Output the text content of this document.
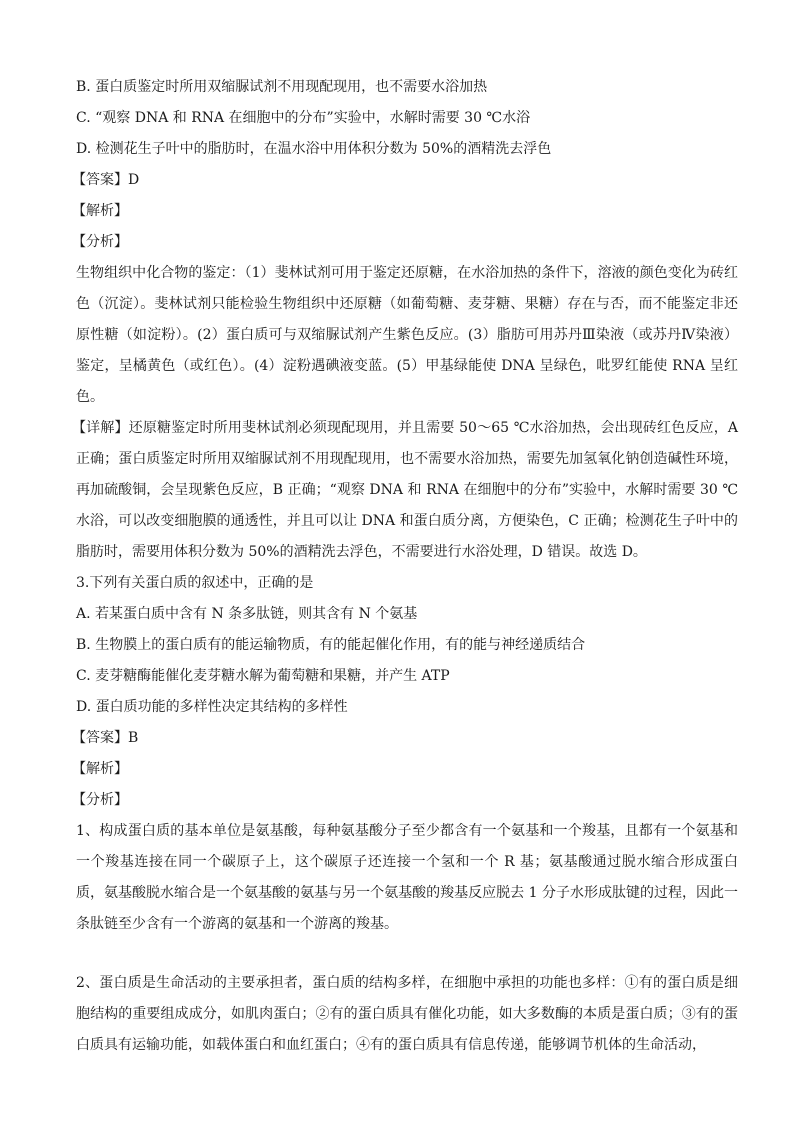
B. 蛋白质鉴定时所用双缩脲试剂不用现配现用，也不需要水浴加热

C. “观察 DNA 和 RNA 在细胞中的分布”实验中，水解时需要 30 ℃水浴

D. 检测花生子叶中的脂肪时，在温水浴中用体积分数为 50%的酒精洗去浮色

【答案】D
【解析】
【分析】

生物组织中化合物的鉴定：（1）斐林试剂可用于鉴定还原糖，在水浴加热的条件下，溶液的颜色变化为砖红色（沉淀）。斐林试剂只能检验生物组织中还原糖（如葡萄糖、麦芽糖、果糖）存在与否，而不能鉴定非还原性糖（如淀粉）。(2）蛋白质可与双缩脲试剂产生紫色反应。(3）脂肪可用苏丹Ⅲ染液（或苏丹Ⅳ染液）鉴定，呈橘黄色（或红色）。(4）淀粉遇碘液变蓝。(5）甲基绿能使 DNA 呈绿色，吡罗红能使 RNA 呈红色。

【详解】还原糖鉴定时所用斐林试剂必须现配现用，并且需要 50～65 ℃水浴加热，会出现砖红色反应，A 正确；蛋白质鉴定时所用双缩脲试剂不用现配现用，也不需要水浴加热，需要先加氢氧化钠创造碱性环境，再加硫酸铜，会呈现紫色反应，B 正确；“观察 DNA 和 RNA 在细胞中的分布”实验中，水解时需要 30 ℃水浴，可以改变细胞膜的通透性，并且可以让 DNA 和蛋白质分离，方便染色，C 正确；检测花生子叶中的脂肪时，需要用体积分数为 50%的酒精洗去浮色，不需要进行水浴处理，D 错误。故选 D。

3.下列有关蛋白质的叙述中，正确的是

A. 若某蛋白质中含有 N 条多肽链，则其含有 N 个氨基

B. 生物膜上的蛋白质有的能运输物质，有的能起催化作用，有的能与神经递质结合

C. 麦芽糖酶能催化麦芽糖水解为葡萄糖和果糖，并产生 ATP

D. 蛋白质功能的多样性决定其结构的多样性

【答案】B
【解析】
【分析】

1、构成蛋白质的基本单位是氨基酸，每种氨基酸分子至少都含有一个氨基和一个羧基，且都有一个氨基和一个羧基连接在同一个碳原子上，这个碳原子还连接一个氢和一个 R 基；氨基酸通过脱水缩合形成蛋白质，氨基酸脱水缩合是一个氨基酸的氨基与另一个氨基酸的羧基反应脱去 1 分子水形成肽键的过程，因此一条肽链至少含有一个游离的氨基和一个游离的羧基。

2、蛋白质是生命活动的主要承担者，蛋白质的结构多样，在细胞中承担的功能也多样：①有的蛋白质是细胞结构的重要组成成分，如肌肉蛋白；②有的蛋白质具有催化功能，如大多数酶的本质是蛋白质；③有的蛋白质具有运输功能，如载体蛋白和血红蛋白；④有的蛋白质具有信息传递，能够调节机体的生命活动，
